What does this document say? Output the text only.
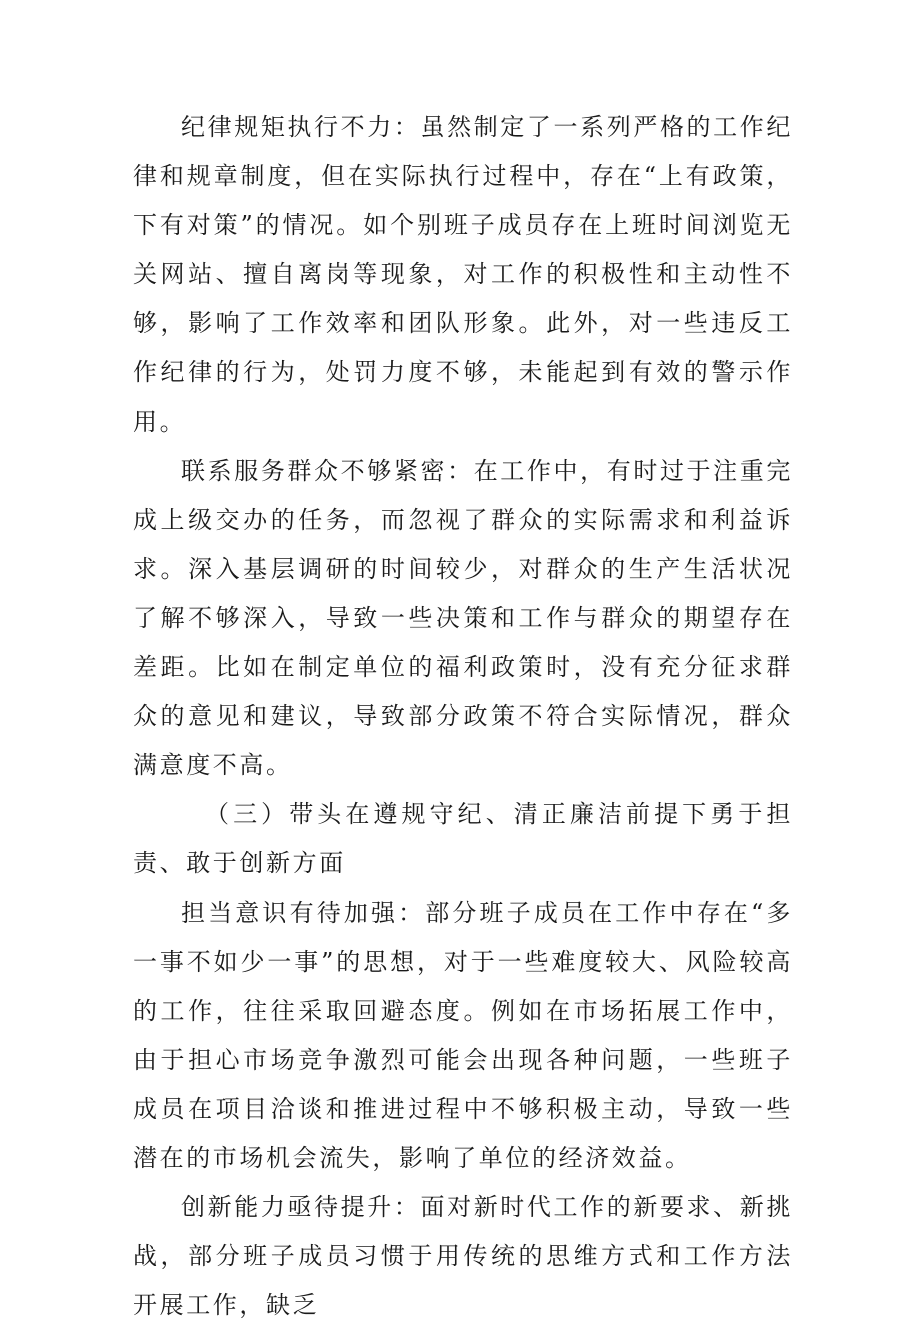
纪律规矩执行不力：虽然制定了一系列严格的工作纪律和规章制度，但在实际执行过程中，存在“上有政策，下有对策”的情况。如个别班子成员存在上班时间浏览无关网站、擅自离岗等现象，对工作的积极性和主动性不够，影响了工作效率和团队形象。此外，对一些违反工作纪律的行为，处罚力度不够，未能起到有效的警示作用。

联系服务群众不够紧密：在工作中，有时过于注重完成上级交办的任务，而忽视了群众的实际需求和利益诉求。深入基层调研的时间较少，对群众的生产生活状况了解不够深入，导致一些决策和工作与群众的期望存在差距。比如在制定单位的福利政策时，没有充分征求群众的意见和建议，导致部分政策不符合实际情况，群众满意度不高。

（三）带头在遵规守纪、清正廉洁前提下勇于担责、敢于创新方面

担当意识有待加强：部分班子成员在工作中存在“多一事不如少一事”的思想，对于一些难度较大、风险较高的工作，往往采取回避态度。例如在市场拓展工作中，由于担心市场竞争激烈可能会出现各种问题，一些班子成员在项目洽谈和推进过程中不够积极主动，导致一些潜在的市场机会流失，影响了单位的经济效益。

创新能力亟待提升：面对新时代工作的新要求、新挑战，部分班子成员习惯于用传统的思维方式和工作方法开展工作，缺乏
